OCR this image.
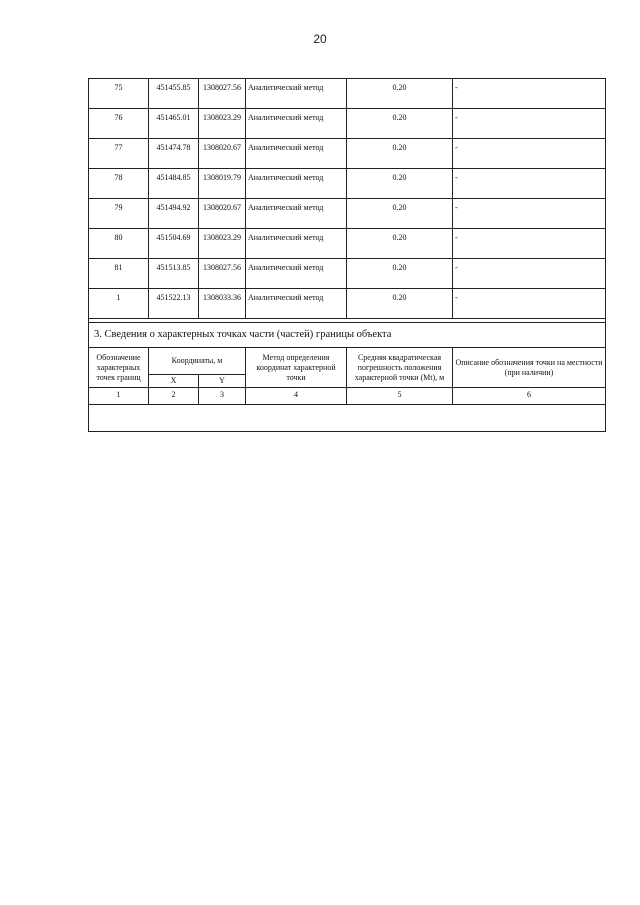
20
75	451455.85	1308027.56	Аналитический метод	0.20	-
76	451465.01	1308023.29	Аналитический метод	0.20	-
77	451474.78	1308020.67	Аналитический метод	0.20	-
78	451484.85	1308019.79	Аналитический метод	0.20	-
79	451494.92	1308020.67	Аналитический метод	0.20	-
80	451504.69	1308023.29	Аналитический метод	0.20	-
81	451513.85	1308027.56	Аналитический метод	0.20	-
1	451522.13	1308033.36	Аналитический метод	0.20	-

3. Сведения о характерных точках части (частей) границы объекта					
Обозначение характерных точек границ	Координаты, м		Метод определения координат характерной точки	Средняя квадратическая погрешность положения характерной точки (Mt), м	Описание обозначения точки на местности (при наличии)
	X	Y			
1	2	3	4	5	6
